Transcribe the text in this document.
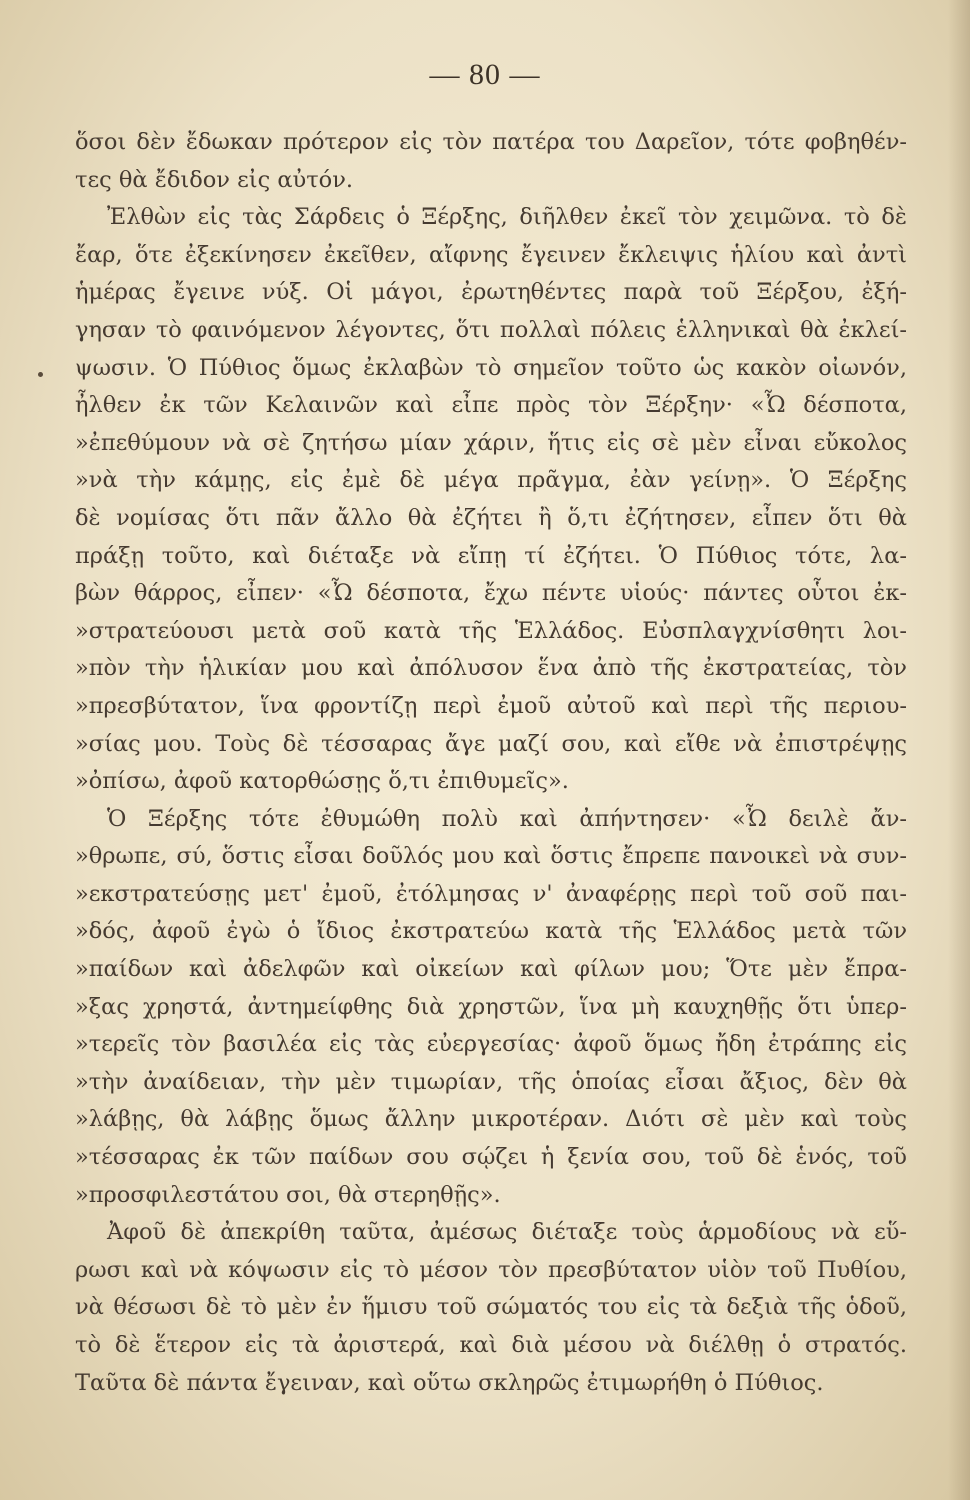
— 80 —
ὅσοι δὲν ἔδωκαν πρότερον εἰς τὸν πατέρα του Δαρεῖον, τότε φοβηθέν-
τες θὰ ἔδιδον εἰς αὐτόν.
Ἐλθὼν εἰς τὰς Σάρδεις ὁ Ξέρξης, διῆλθεν ἐκεῖ τὸν χειμῶνα. τὸ δὲ
ἔαρ, ὅτε ἐξεκίνησεν ἐκεῖθεν, αἴφνης ἔγεινεν ἔκλειψις ἡλίου καὶ ἀντὶ
ἡμέρας ἔγεινε νύξ. Οἱ μάγοι, ἐρωτηθέντες παρὰ τοῦ Ξέρξου, ἐξή-
γησαν τὸ φαινόμενον λέγοντες, ὅτι πολλαὶ πόλεις ἑλληνικαὶ θὰ ἐκλεί-
ψωσιν. Ὁ Πύθιος ὅμως ἐκλαβὼν τὸ σημεῖον τοῦτο ὡς κακὸν οἰωνόν,
ἦλθεν ἐκ τῶν Κελαινῶν καὶ εἶπε πρὸς τὸν Ξέρξην· «Ὦ δέσποτα,
»ἐπεθύμουν νὰ σὲ ζητήσω μίαν χάριν, ἥτις εἰς σὲ μὲν εἶναι εὔκολος
»νὰ τὴν κάμῃς, εἰς ἐμὲ δὲ μέγα πρᾶγμα, ἐὰν γείνῃ». Ὁ Ξέρξης
δὲ νομίσας ὅτι πᾶν ἄλλο θὰ ἐζήτει ἢ ὅ,τι ἐζήτησεν, εἶπεν ὅτι θὰ
πράξῃ τοῦτο, καὶ διέταξε νὰ εἴπῃ τί ἐζήτει. Ὁ Πύθιος τότε, λα-
βὼν θάρρος, εἶπεν· «Ὦ δέσποτα, ἔχω πέντε υἱούς· πάντες οὗτοι ἐκ-
»στρατεύουσι μετὰ σοῦ κατὰ τῆς Ἑλλάδος. Εὐσπλαγχνίσθητι λοι-
»πὸν τὴν ἡλικίαν μου καὶ ἀπόλυσον ἕνα ἀπὸ τῆς ἐκστρατείας, τὸν
»πρεσβύτατον, ἵνα φροντίζῃ περὶ ἐμοῦ αὐτοῦ καὶ περὶ τῆς περιου-
»σίας μου. Τοὺς δὲ τέσσαρας ἄγε μαζί σου, καὶ εἴθε νὰ ἐπιστρέψῃς
»ὀπίσω, ἀφοῦ κατορθώσῃς ὅ,τι ἐπιθυμεῖς».
Ὁ Ξέρξης τότε ἐθυμώθη πολὺ καὶ ἀπήντησεν· «Ὦ δειλὲ ἄν-
»θρωπε, σύ, ὅστις εἶσαι δοῦλός μου καὶ ὅστις ἔπρεπε πανοικεὶ νὰ συν-
»εκστρατεύσῃς μετ' ἐμοῦ, ἐτόλμησας ν' ἀναφέρῃς περὶ τοῦ σοῦ παι-
»δός, ἀφοῦ ἐγὼ ὁ ἴδιος ἐκστρατεύω κατὰ τῆς Ἑλλάδος μετὰ τῶν
»παίδων καὶ ἀδελφῶν καὶ οἰκείων καὶ φίλων μου; Ὅτε μὲν ἔπρα-
»ξας χρηστά, ἀντημείφθης διὰ χρηστῶν, ἵνα μὴ καυχηθῇς ὅτι ὑπερ-
»τερεῖς τὸν βασιλέα εἰς τὰς εὐεργεσίας· ἀφοῦ ὅμως ἤδη ἐτράπης εἰς
»τὴν ἀναίδειαν, τὴν μὲν τιμωρίαν, τῆς ὁποίας εἶσαι ἄξιος, δὲν θὰ
»λάβῃς, θὰ λάβῃς ὅμως ἄλλην μικροτέραν. Διότι σὲ μὲν καὶ τοὺς
»τέσσαρας ἐκ τῶν παίδων σου σῴζει ἡ ξενία σου, τοῦ δὲ ἑνός, τοῦ
»προσφιλεστάτου σοι, θὰ στερηθῇς».
Ἀφοῦ δὲ ἀπεκρίθη ταῦτα, ἀμέσως διέταξε τοὺς ἁρμοδίους νὰ εὕ-
ρωσι καὶ νὰ κόψωσιν εἰς τὸ μέσον τὸν πρεσβύτατον υἱὸν τοῦ Πυθίου,
νὰ θέσωσι δὲ τὸ μὲν ἐν ἥμισυ τοῦ σώματός του εἰς τὰ δεξιὰ τῆς ὁδοῦ,
τὸ δὲ ἕτερον εἰς τὰ ἀριστερά, καὶ διὰ μέσου νὰ διέλθῃ ὁ στρατός.
Ταῦτα δὲ πάντα ἔγειναν, καὶ οὕτω σκληρῶς ἐτιμωρήθη ὁ Πύθιος.
